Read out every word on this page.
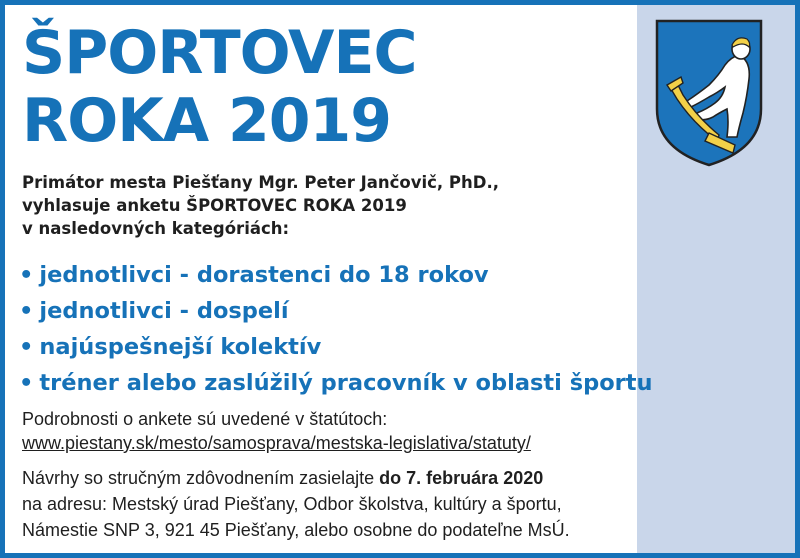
ŠPORTOVEC
ROKA 2019
Primátor mesta Piešťany Mgr. Peter Jančovič, PhD.,
vyhlasuje anketu ŠPORTOVEC ROKA 2019
v nasledovných kategóriách:
• jednotlivci - dorastenci do 18 rokov
• jednotlivci - dospelí
• najúspešnejší kolektív
• tréner alebo zaslúžilý pracovník v oblasti športu
Podrobnosti o ankete sú uvedené v štatútoch:
www.piestany.sk/mesto/samosprava/mestska-legislativa/statuty/
Návrhy so stručným zdôvodnením zasielajte do 7. februára 2020
na adresu: Mestský úrad Piešťany, Odbor školstva, kultúry a športu,
Námestie SNP 3, 921 45 Piešťany, alebo osobne do podateľne MsÚ.
